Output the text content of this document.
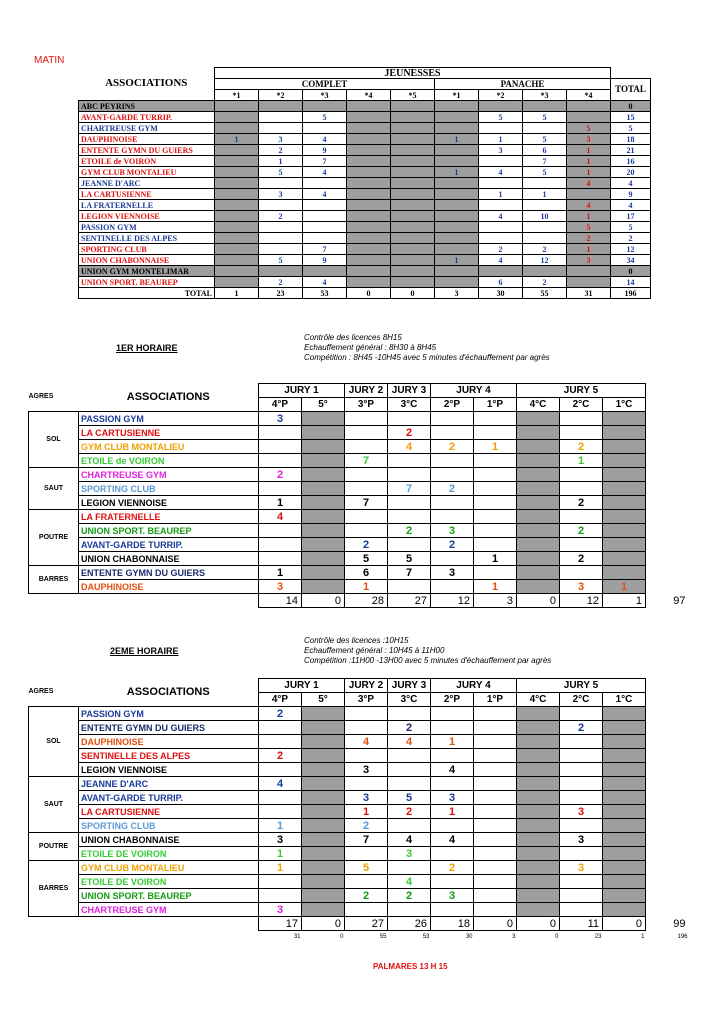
MATIN
ASSOCIATIONS	JEUNESSES									
	COMPLET					PANACHE				TOTAL
	*1	*2	*3	*4	*5	*1	*2	*3	*4	
ABC PEYRINS										0
AVANT-GARDE TURRIP.			5				5	5		15
CHARTREUSE GYM									5	5
DAUPHINOISE	1	3	4			1	1	5	3	18
ENTENTE GYMN DU GUIERS		2	9				3	6	1	21
ETOILE de VOIRON		1	7					7	1	16
GYM CLUB MONTALIEU		5	4			1	4	5	1	20
JEANNE D'ARC									4	4
LA CARTUSIENNE		3	4				1	1		9
LA FRATERNELLE									4	4
LEGION VIENNOISE		2					4	10	1	17
PASSION GYM									5	5
SENTINELLE DES ALPES									2	2
SPORTING CLUB			7				2	2	1	12
UNION CHABONNAISE		5	9			1	4	12	3	34
UNION GYM MONTELIMAR										0
UNION SPORT. BEAUREP		2	4				6	2		14
TOTAL	1	23	53	0	0	3	30	55	31	196
1ER HORAIRE
Contrôle des licences 8H15
Echauffement général : 8H30 à 8H45
Compétition : 8H45 -10H45 avec 5 minutes d'échauffement par agrès
AGRES	ASSOCIATIONS	JURY 1		JURY 2	JURY 3	JURY 4		JURY 5			
		4°P	5°	3°P	3°C	2°P	1°P	4°C	2°C	1°C	
SOL	PASSION GYM	3									
	LA CARTUSIENNE				2						
	GYM CLUB MONTALIEU				4	2	1		2		
	ETOILE de VOIRON			7					1		
SAUT	CHARTREUSE GYM	2									
	SPORTING CLUB				7	2					
	LEGION VIENNOISE	1		7					2		
POUTRE	LA FRATERNELLE	4									
	UNION SPORT. BEAUREP				2	3			2		
	AVANT-GARDE TURRIP.			2		2					
	UNION CHABONNAISE			5	5		1		2		
BARRES	ENTENTE GYMN DU GUIERS	1		6	7	3					
	DAUPHINOISE	3		1			1		3	1	
		14	0	28	27	12	3	0	12	1	97
2EME HORAIRE
Contrôle des licences :10H15
Echauffement général : 10H45 à 11H00
Compétition :11H00 -13H00 avec 5 minutes d'échauffement par agrès
AGRES	ASSOCIATIONS	JURY 1		JURY 2	JURY 3	JURY 4		JURY 5			
		4°P	5°	3°P	3°C	2°P	1°P	4°C	2°C	1°C	
SOL	PASSION GYM	2									
	ENTENTE GYMN DU GUIERS				2				2		
	DAUPHINOISE			4	4	1					
	SENTINELLE DES ALPES	2									
	LEGION VIENNOISE			3		4					
SAUT	JEANNE D'ARC	4									
	AVANT-GARDE TURRIP.			3	5	3					
	LA CARTUSIENNE			1	2	1			3		
	SPORTING CLUB	1		2							
POUTRE	UNION CHABONNAISE	3		7	4	4			3		
	ETOILE DE VOIRON	1			3						
BARRES	GYM CLUB MONTALIEU	1		5		2			3		
	ETOILE DE VOIRON				4						
	UNION SPORT. BEAUREP			2	2	3					
	CHARTREUSE GYM	3									
		17	0	27	26	18	0	0	11	0	99
		31	0	55	53	30	3	0	23	1	196
PALMARES 13 H 15
